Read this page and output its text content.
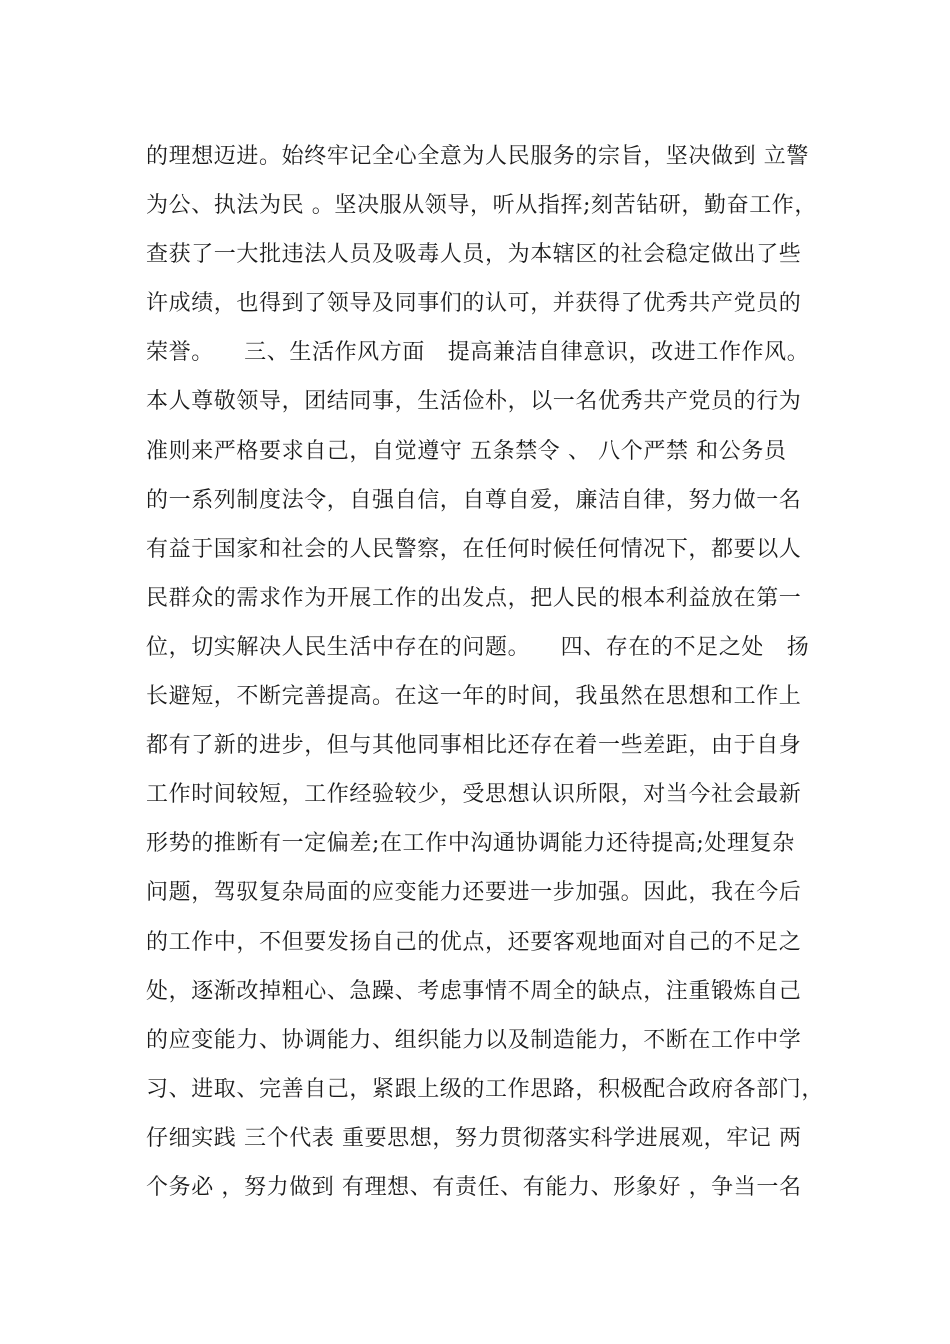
的理想迈进。始终牢记全心全意为人民服务的宗旨，坚决做到 立警
为公、执法为民 。坚决服从领导，听从指挥;刻苦钻研，勤奋工作，
查获了一大批违法人员及吸毒人员，为本辖区的社会稳定做出了些
许成绩，也得到了领导及同事们的认可，并获得了优秀共产党员的
荣誉。    三、生活作风方面   提高兼洁自律意识，改进工作作风。
本人尊敬领导，团结同事，生活俭朴，以一名优秀共产党员的行为
准则来严格要求自己，自觉遵守 五条禁令 、 八个严禁 和公务员
的一系列制度法令，自强自信，自尊自爱，廉洁自律，努力做一名
有益于国家和社会的人民警察，在任何时候任何情况下，都要以人
民群众的需求作为开展工作的出发点，把人民的根本利益放在第一
位，切实解决人民生活中存在的问题。    四、存在的不足之处   扬
长避短，不断完善提高。在这一年的时间，我虽然在思想和工作上
都有了新的进步，但与其他同事相比还存在着一些差距，由于自身
工作时间较短，工作经验较少，受思想认识所限，对当今社会最新
形势的推断有一定偏差;在工作中沟通协调能力还待提高;处理复杂
问题，驾驭复杂局面的应变能力还要进一步加强。因此，我在今后
的工作中，不但要发扬自己的优点，还要客观地面对自己的不足之
处，逐渐改掉粗心、急躁、考虑事情不周全的缺点，注重锻炼自己
的应变能力、协调能力、组织能力以及制造能力，不断在工作中学
习、进取、完善自己，紧跟上级的工作思路，积极配合政府各部门，
仔细实践 三个代表 重要思想，努力贯彻落实科学进展观，牢记 两
个务必 ，努力做到 有理想、有责任、有能力、形象好 ，争当一名
